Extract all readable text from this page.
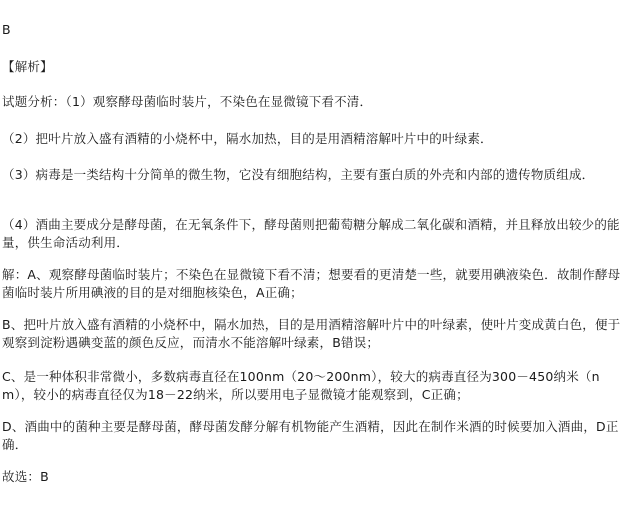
B
【解析】
试题分析：（1）观察酵母菌临时装片，不染色在显微镜下看不清．
（2）把叶片放入盛有酒精的小烧杯中，隔水加热，目的是用酒精溶解叶片中的叶绿素．
（3）病毒是一类结构十分简单的微生物，它没有细胞结构，主要有蛋白质的外壳和内部的遗传物质组成．
（4）酒曲主要成分是酵母菌，在无氧条件下，酵母菌则把葡萄糖分解成二氧化碳和酒精，并且释放出较少的能量，供生命活动利用．
解：A、观察酵母菌临时装片；不染色在显微镜下看不清；想要看的更清楚一些，就要用碘液染色．故制作酵母菌临时装片所用碘液的目的是对细胞核染色，A正确；
B、把叶片放入盛有酒精的小烧杯中，隔水加热，目的是用酒精溶解叶片中的叶绿素，使叶片变成黄白色，便于观察到淀粉遇碘变蓝的颜色反应，而清水不能溶解叶绿素，B错误；
C、是一种体积非常微小，多数病毒直径在100nm（20～200nm），较大的病毒直径为300－450纳米（nm），较小的病毒直径仅为18－22纳米，所以要用电子显微镜才能观察到，C正确；
D、酒曲中的菌种主要是酵母菌，酵母菌发酵分解有机物能产生酒精，因此在制作米酒的时候要加入酒曲，D正确．
故选：B
